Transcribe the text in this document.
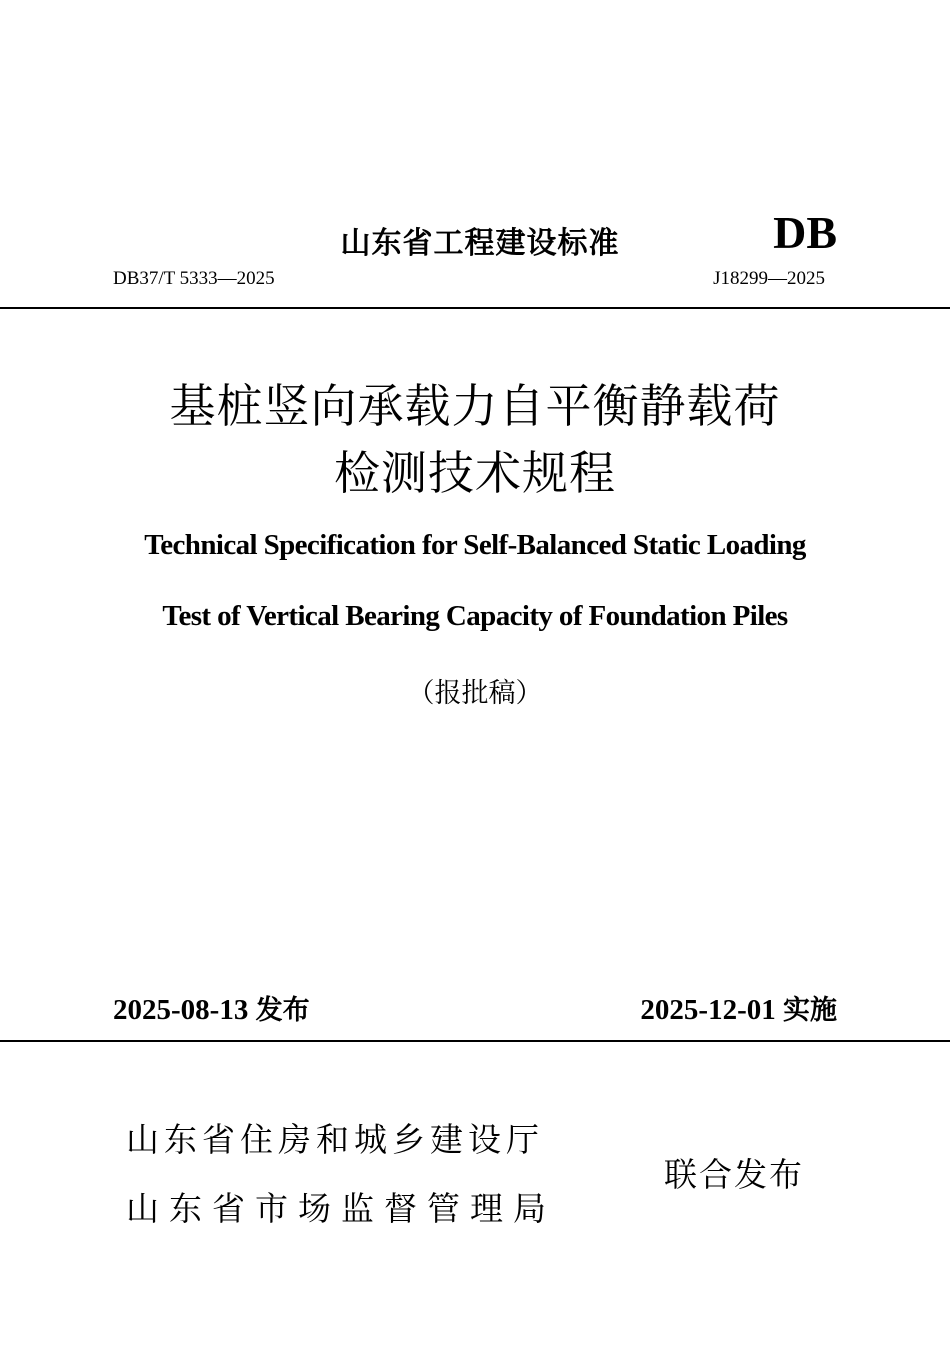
山东省工程建设标准	DB
DB37/T 5333—2025	J18299—2025
基桩竖向承载力自平衡静载荷
检测技术规程
Technical Specification for Self-Balanced Static Loading
Test of Vertical Bearing Capacity of Foundation Piles
（报批稿）
2025-08-13 发布	2025-12-01 实施
山东省住房和城乡建设厅
山东省市场监督管理局
联合发布
